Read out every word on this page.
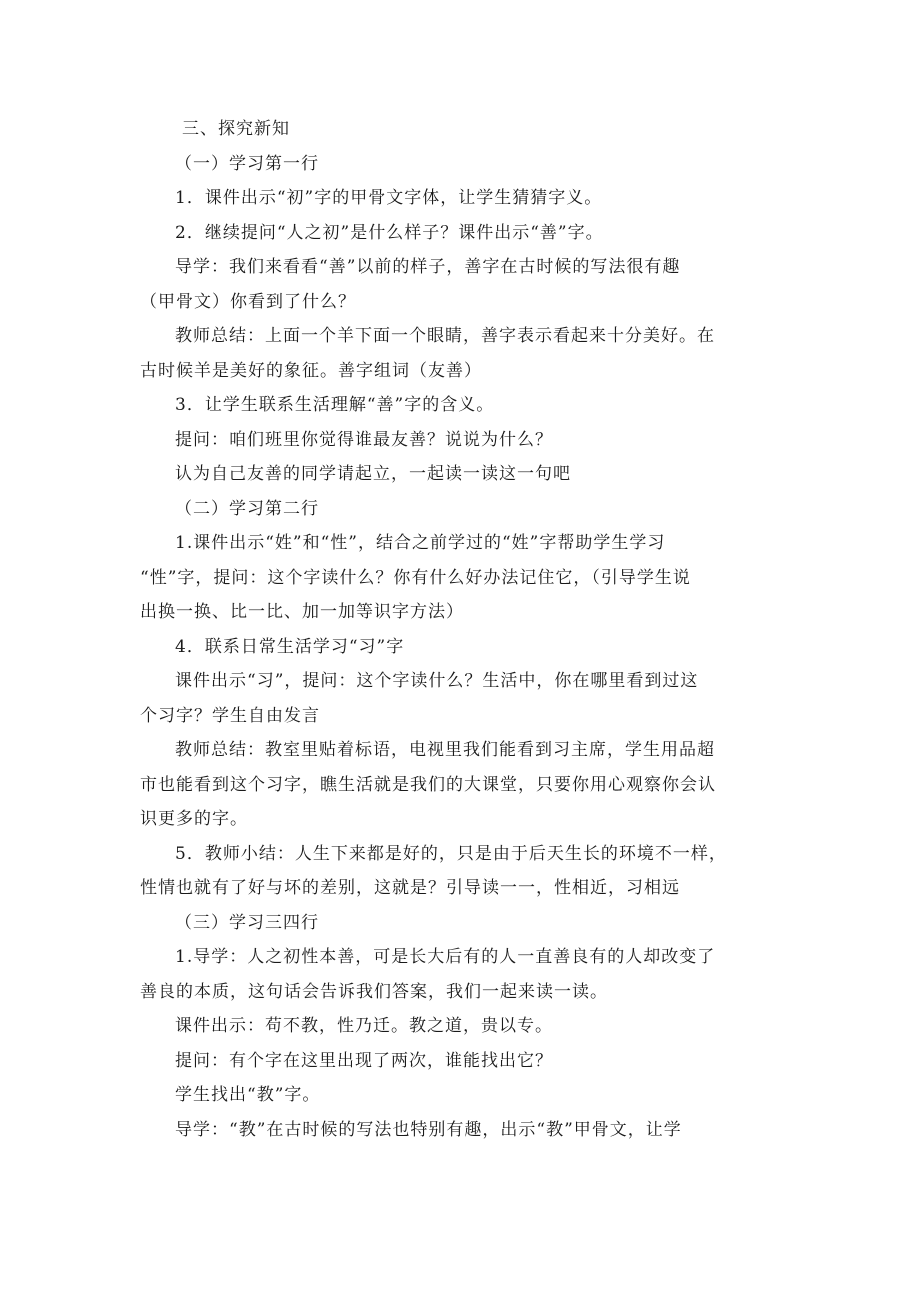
三、探究新知
（一）学习第一行
1．课件出示“初”字的甲骨文字体，让学生猜猜字义。
2．继续提问“人之初”是什么样子？课件出示“善”字。
导学：我们来看看“善”以前的样子，善字在古时候的写法很有趣
（甲骨文）你看到了什么？
教师总结：上面一个羊下面一个眼睛，善字表示看起来十分美好。在
古时候羊是美好的象征。善字组词（友善）
3．让学生联系生活理解“善”字的含义。
提问：咱们班里你觉得谁最友善？说说为什么？
认为自己友善的同学请起立，一起读一读这一句吧
（二）学习第二行
1.课件出示“姓”和“性”，结合之前学过的“姓”字帮助学生学习
“性”字，提问：这个字读什么？你有什么好办法记住它，（引导学生说
出换一换、比一比、加一加等识字方法）
4．联系日常生活学习“习”字
课件出示“习”，提问：这个字读什么？生活中，你在哪里看到过这
个习字？学生自由发言
教师总结：教室里贴着标语，电视里我们能看到习主席，学生用品超
市也能看到这个习字，瞧生活就是我们的大课堂，只要你用心观察你会认
识更多的字。
5．教师小结：人生下来都是好的，只是由于后天生长的环境不一样，
性情也就有了好与坏的差别，这就是？引导读一一，性相近，习相远
（三）学习三四行
1.导学：人之初性本善，可是长大后有的人一直善良有的人却改变了
善良的本质，这句话会告诉我们答案，我们一起来读一读。
课件出示：苟不教，性乃迁。教之道，贵以专。
提问：有个字在这里出现了两次，谁能找出它？
学生找出“教”字。
导学：“教”在古时候的写法也特别有趣，出示“教”甲骨文，让学
